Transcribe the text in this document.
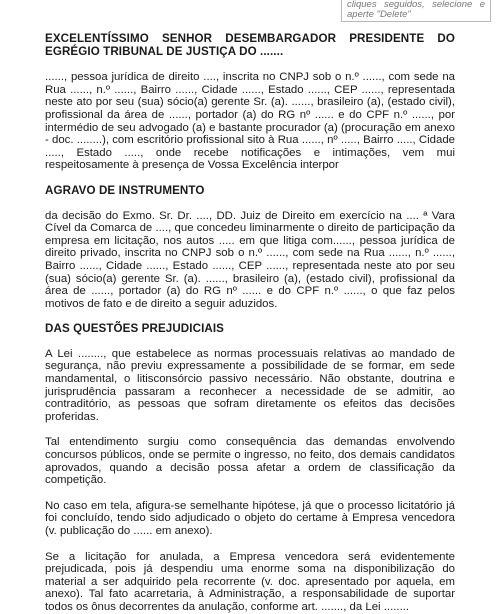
cliques seguidos, selecione e aperte "Delete"

EXCELENTÍSSIMO SENHOR DESEMBARGADOR PRESIDENTE DO EGRÉGIO TRIBUNAL DE JUSTIÇA DO .......

......, pessoa jurídica de direito ...., inscrita no CNPJ sob o n.º ......, com sede na Rua ......, n.º ......, Bairro ......, Cidade ......, Estado ......, CEP ......, representada neste ato por seu (sua) sócio(a) gerente Sr. (a). ......, brasileiro (a), (estado civil), profissional da área de ......, portador (a) do RG nº ...... e do CPF n.º ......, por intermédio de seu advogado (a) e bastante procurador (a) (procuração em anexo - doc. ........), com escritório profissional sito à Rua ......, nº ....., Bairro ....., Cidade ....., Estado ....., onde recebe notificações e intimações, vem mui respeitosamente à presença de Vossa Excelência interpor

AGRAVO DE INSTRUMENTO

da decisão do Exmo. Sr. Dr. ...., DD. Juiz de Direito em exercício na .... ª Vara Cível da Comarca de ...., que concedeu liminarmente o direito de participação da empresa em licitação, nos autos ..... em que litiga com......, pessoa jurídica de direito privado, inscrita no CNPJ sob o n.º ......, com sede na Rua ......, n.º ......, Bairro ......, Cidade ......, Estado ......, CEP ......, representada neste ato por seu (sua) sócio(a) gerente Sr. (a). ......, brasileiro (a), (estado civil), profissional da área de ......, portador (a) do RG nº ...... e do CPF n.º ......, o que faz pelos motivos de fato e de direito a seguir aduzidos.

DAS QUESTÕES PREJUDICIAIS

A Lei ........, que estabelece as normas processuais relativas ao mandado de segurança, não previu expressamente a possibilidade de se formar, em sede mandamental, o litisconsórcio passivo necessário. Não obstante, doutrina e jurisprudência passaram a reconhecer a necessidade de se admitir, ao contraditório, as pessoas que sofram diretamente os efeitos das decisões proferidas.

Tal entendimento surgiu como consequência das demandas envolvendo concursos públicos, onde se permite o ingresso, no feito, dos demais candidatos aprovados, quando a decisão possa afetar a ordem de classificação da competição.

No caso em tela, afigura-se semelhante hipótese, já que o processo licitatório já foi concluído, tendo sido adjudicado o objeto do certame à Empresa vencedora (v. publicação do ...... em anexo).

Se a licitação for anulada, a Empresa vencedora será evidentemente prejudicada, pois já despendiu uma enorme soma na disponibilização do material a ser adquirido pela recorrente (v. doc. apresentado por aquela, em anexo). Tal fato acarretaria, à Administração, a responsabilidade de suportar todos os ônus decorrentes da anulação, conforme art. ......., da Lei ........
